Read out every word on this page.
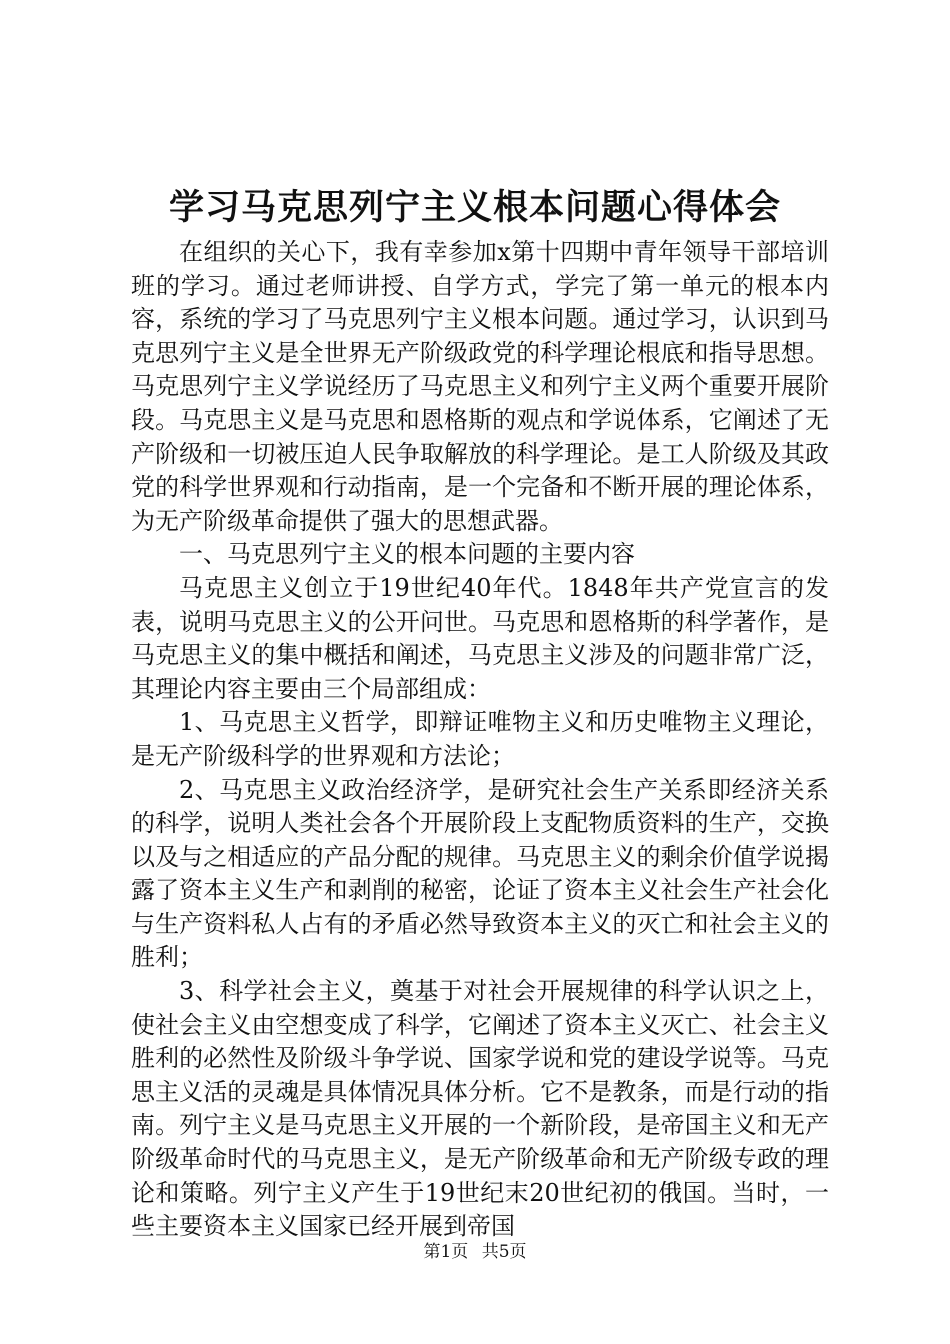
学习马克思列宁主义根本问题心得体会

在组织的关心下，我有幸参加x第十四期中青年领导干部培训班的学习。通过老师讲授、自学方式，学完了第一单元的根本内容，系统的学习了马克思列宁主义根本问题。通过学习，认识到马克思列宁主义是全世界无产阶级政党的科学理论根底和指导思想。马克思列宁主义学说经历了马克思主义和列宁主义两个重要开展阶段。马克思主义是马克思和恩格斯的观点和学说体系，它阐述了无产阶级和一切被压迫人民争取解放的科学理论。是工人阶级及其政党的科学世界观和行动指南，是一个完备和不断开展的理论体系，为无产阶级革命提供了强大的思想武器。

一、马克思列宁主义的根本问题的主要内容

马克思主义创立于19世纪40年代。1848年共产党宣言的发表，说明马克思主义的公开问世。马克思和恩格斯的科学著作，是马克思主义的集中概括和阐述，马克思主义涉及的问题非常广泛，其理论内容主要由三个局部组成：

1、马克思主义哲学，即辩证唯物主义和历史唯物主义理论，是无产阶级科学的世界观和方法论；

2、马克思主义政治经济学，是研究社会生产关系即经济关系的科学，说明人类社会各个开展阶段上支配物质资料的生产，交换以及与之相适应的产品分配的规律。马克思主义的剩余价值学说揭露了资本主义生产和剥削的秘密，论证了资本主义社会生产社会化与生产资料私人占有的矛盾必然导致资本主义的灭亡和社会主义的胜利；

3、科学社会主义，奠基于对社会开展规律的科学认识之上，使社会主义由空想变成了科学，它阐述了资本主义灭亡、社会主义胜利的必然性及阶级斗争学说、国家学说和党的建设学说等。马克思主义活的灵魂是具体情况具体分析。它不是教条，而是行动的指南。列宁主义是马克思主义开展的一个新阶段，是帝国主义和无产阶级革命时代的马克思主义，是无产阶级革命和无产阶级专政的理论和策略。列宁主义产生于19世纪末20世纪初的俄国。当时，一些主要资本主义国家已经开展到帝国

第1页 共5页
